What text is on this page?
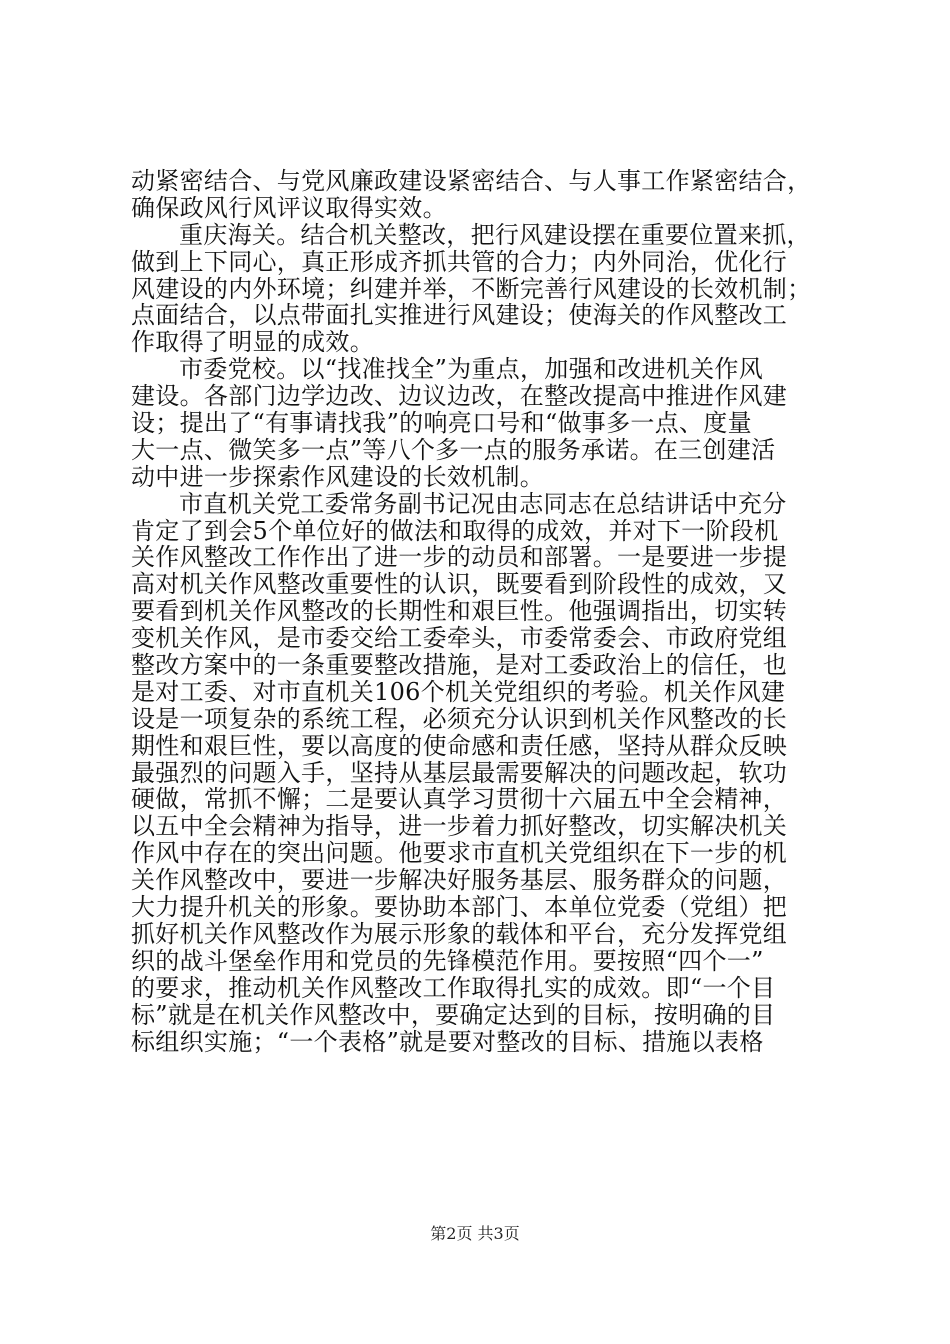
动紧密结合、与党风廉政建设紧密结合、与人事工作紧密结合，
确保政风行风评议取得实效。
重庆海关。结合机关整改，把行风建设摆在重要位置来抓，
做到上下同心，真正形成齐抓共管的合力；内外同治，优化行
风建设的内外环境；纠建并举，不断完善行风建设的长效机制；
点面结合，以点带面扎实推进行风建设；使海关的作风整改工
作取得了明显的成效。
市委党校。以“找准找全”为重点，加强和改进机关作风
建设。各部门边学边改、边议边改，在整改提高中推进作风建
设；提出了“有事请找我”的响亮口号和“做事多一点、度量
大一点、微笑多一点”等八个多一点的服务承诺。在三创建活
动中进一步探索作风建设的长效机制。
市直机关党工委常务副书记况由志同志在总结讲话中充分
肯定了到会5个单位好的做法和取得的成效，并对下一阶段机
关作风整改工作作出了进一步的动员和部署。一是要进一步提
高对机关作风整改重要性的认识，既要看到阶段性的成效，又
要看到机关作风整改的长期性和艰巨性。他强调指出，切实转
变机关作风，是市委交给工委牵头，市委常委会、市政府党组
整改方案中的一条重要整改措施，是对工委政治上的信任，也
是对工委、对市直机关106个机关党组织的考验。机关作风建
设是一项复杂的系统工程，必须充分认识到机关作风整改的长
期性和艰巨性，要以高度的使命感和责任感，坚持从群众反映
最强烈的问题入手，坚持从基层最需要解决的问题改起，软功
硬做，常抓不懈；二是要认真学习贯彻十六届五中全会精神，
以五中全会精神为指导，进一步着力抓好整改，切实解决机关
作风中存在的突出问题。他要求市直机关党组织在下一步的机
关作风整改中，要进一步解决好服务基层、服务群众的问题，
大力提升机关的形象。要协助本部门、本单位党委（党组）把
抓好机关作风整改作为展示形象的载体和平台，充分发挥党组
织的战斗堡垒作用和党员的先锋模范作用。要按照“四个一”
的要求，推动机关作风整改工作取得扎实的成效。即“一个目
标”就是在机关作风整改中，要确定达到的目标，按明确的目
标组织实施；“一个表格”就是要对整改的目标、措施以表格
第2页 共3页
